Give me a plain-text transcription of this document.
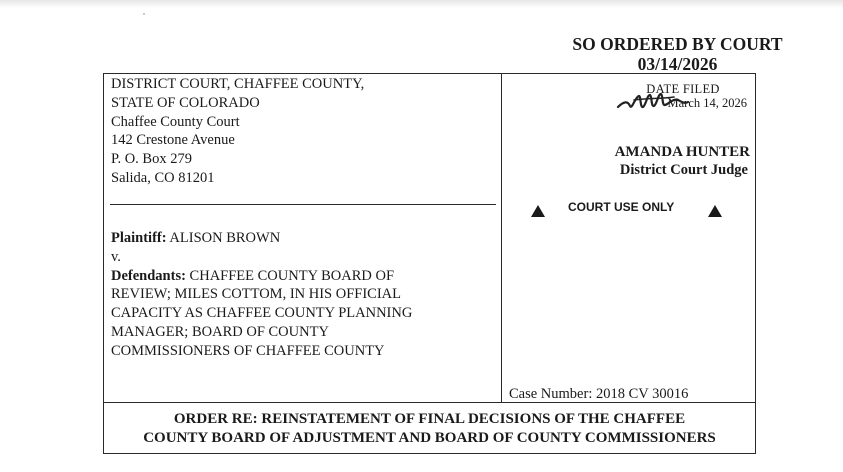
SO ORDERED BY COURT
03/14/2026
DISTRICT COURT, CHAFFEE COUNTY,
STATE OF COLORADO
Chaffee County Court
142 Crestone Avenue
P. O. Box 279
Salida, CO 81201
Plaintiff: ALISON BROWN
v.
Defendants: CHAFFEE COUNTY BOARD OF
REVIEW; MILES COTTOM, IN HIS OFFICIAL
CAPACITY AS CHAFFEE COUNTY PLANNING
MANAGER; BOARD OF COUNTY
COMMISSIONERS OF CHAFFEE COUNTY
DATE FILED
March 14, 2026
AMANDA HUNTER
District Court Judge
COURT USE ONLY
Case Number: 2018 CV 30016
ORDER RE: REINSTATEMENT OF FINAL DECISIONS OF THE CHAFFEE
COUNTY BOARD OF ADJUSTMENT AND BOARD OF COUNTY COMMISSIONERS
